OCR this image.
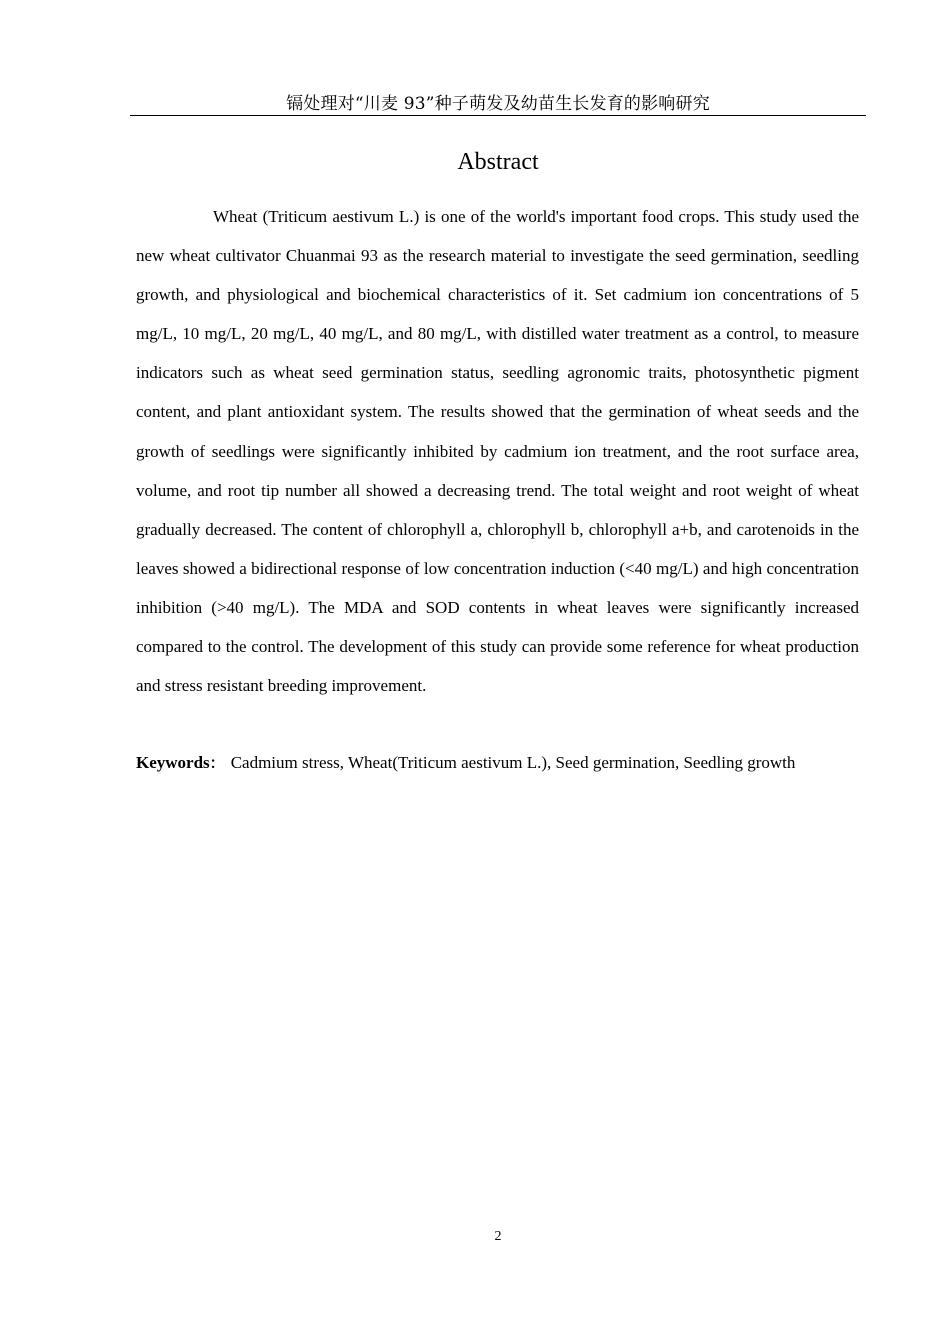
镉处理对“川麦 93”种子萌发及幼苗生长发育的影响研究
Abstract

Wheat (Triticum aestivum L.) is one of the world's important food crops. This study used the new wheat cultivator Chuanmai 93 as the research material to investigate the seed germination, seedling growth, and physiological and biochemical characteristics of it. Set cadmium ion concentrations of 5 mg/L, 10 mg/L, 20 mg/L, 40 mg/L, and 80 mg/L, with distilled water treatment as a control, to measure indicators such as wheat seed germination status, seedling agronomic traits, photosynthetic pigment content, and plant antioxidant system. The results showed that the germination of wheat seeds and the growth of seedlings were significantly inhibited by cadmium ion treatment, and the root surface area, volume, and root tip number all showed a decreasing trend. The total weight and root weight of wheat gradually decreased. The content of chlorophyll a, chlorophyll b, chlorophyll a+b, and carotenoids in the leaves showed a bidirectional response of low concentration induction (<40 mg/L) and high concentration inhibition (>40 mg/L). The MDA and SOD contents in wheat leaves were significantly increased compared to the control. The development of this study can provide some reference for wheat production and stress resistant breeding improvement.

Keywords： Cadmium stress, Wheat(Triticum aestivum L.), Seed germination, Seedling growth

2
